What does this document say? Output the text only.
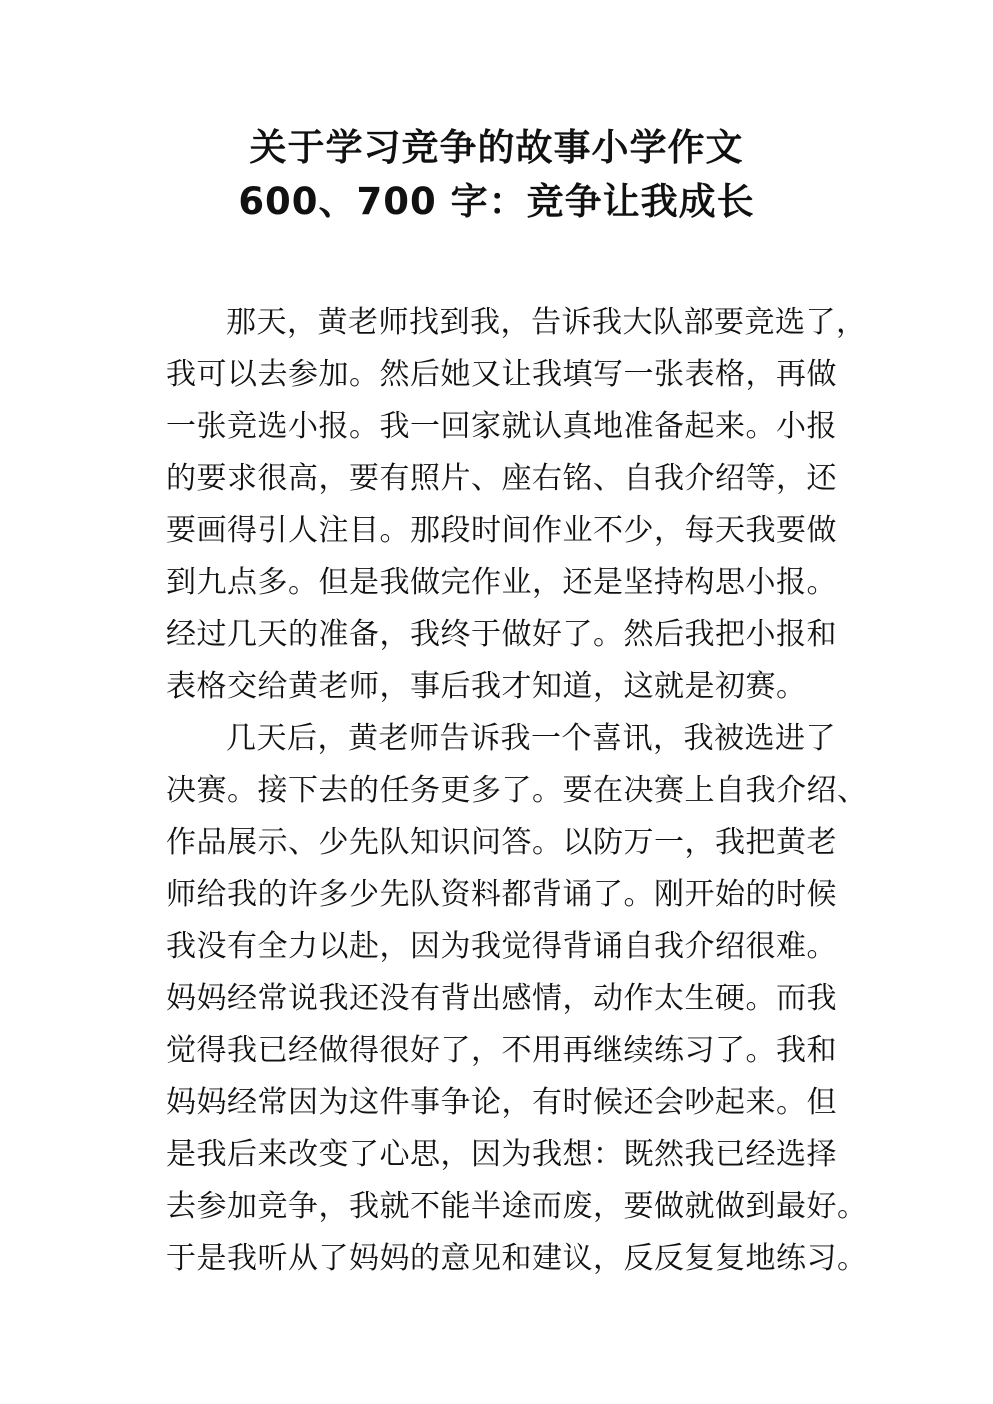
关于学习竞争的故事小学作文
600、700 字：竞争让我成长
那天，黄老师找到我，告诉我大队部要竞选了，
我可以去参加。然后她又让我填写一张表格，再做
一张竞选小报。我一回家就认真地准备起来。小报
的要求很高，要有照片、座右铭、自我介绍等，还
要画得引人注目。那段时间作业不少，每天我要做
到九点多。但是我做完作业，还是坚持构思小报。
经过几天的准备，我终于做好了。然后我把小报和
表格交给黄老师，事后我才知道，这就是初赛。
几天后，黄老师告诉我一个喜讯，我被选进了
决赛。接下去的任务更多了。要在决赛上自我介绍、
作品展示、少先队知识问答。以防万一，我把黄老
师给我的许多少先队资料都背诵了。刚开始的时候
我没有全力以赴，因为我觉得背诵自我介绍很难。
妈妈经常说我还没有背出感情，动作太生硬。而我
觉得我已经做得很好了，不用再继续练习了。我和
妈妈经常因为这件事争论，有时候还会吵起来。但
是我后来改变了心思，因为我想：既然我已经选择
去参加竞争，我就不能半途而废，要做就做到最好。
于是我听从了妈妈的意见和建议，反反复复地练习。
